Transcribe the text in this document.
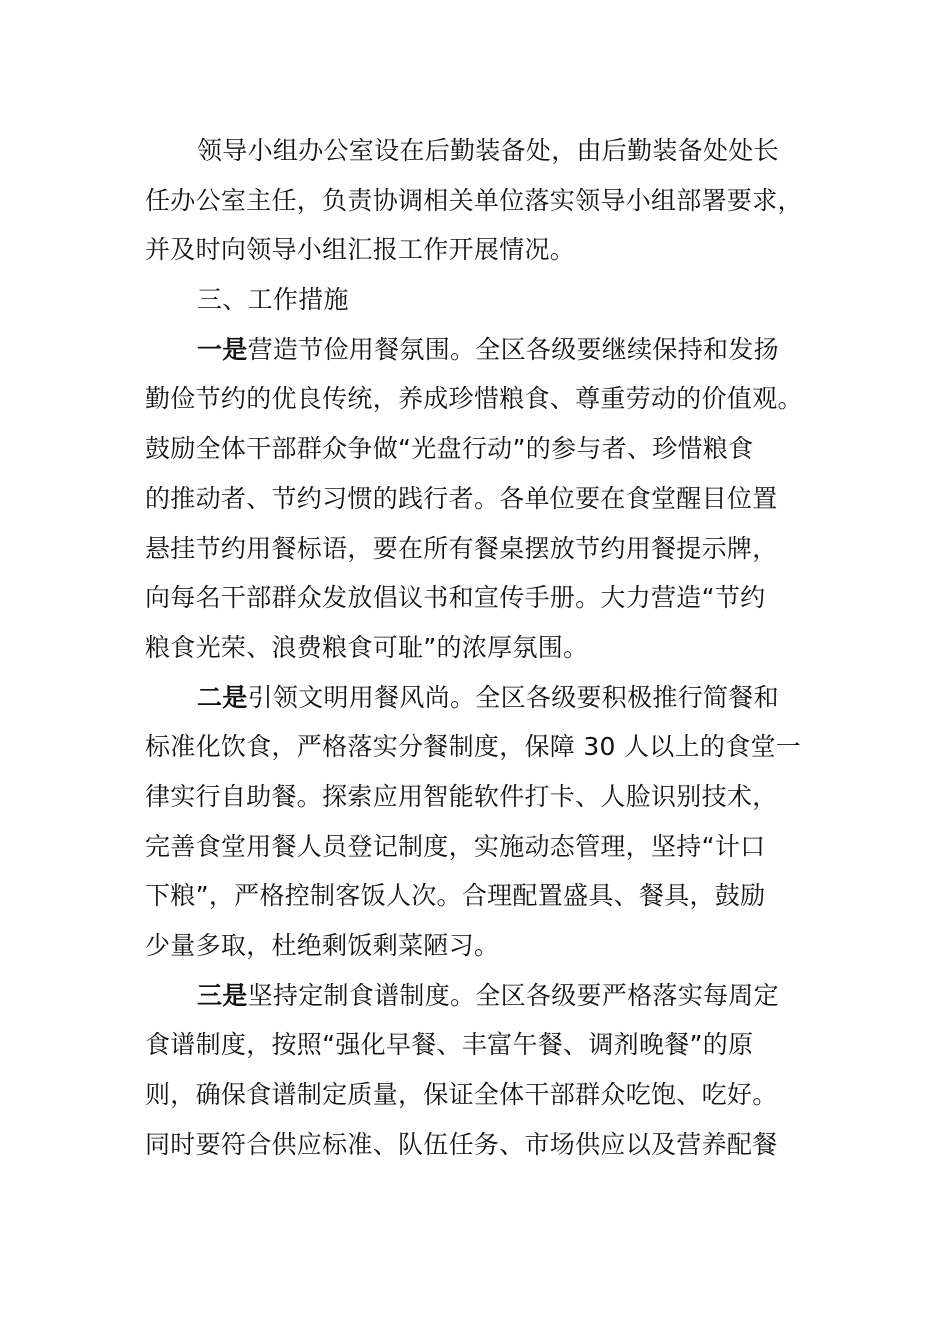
领导小组办公室设在后勤装备处，由后勤装备处处长
任办公室主任，负责协调相关单位落实领导小组部署要求，
并及时向领导小组汇报工作开展情况。
三、工作措施
一是营造节俭用餐氛围。全区各级要继续保持和发扬
勤俭节约的优良传统，养成珍惜粮食、尊重劳动的价值观。
鼓励全体干部群众争做“光盘行动”的参与者、珍惜粮食
的推动者、节约习惯的践行者。各单位要在食堂醒目位置
悬挂节约用餐标语，要在所有餐桌摆放节约用餐提示牌，
向每名干部群众发放倡议书和宣传手册。大力营造“节约
粮食光荣、浪费粮食可耻”的浓厚氛围。
二是引领文明用餐风尚。全区各级要积极推行简餐和
标准化饮食，严格落实分餐制度，保障 30 人以上的食堂一
律实行自助餐。探索应用智能软件打卡、人脸识别技术，
完善食堂用餐人员登记制度，实施动态管理，坚持“计口
下粮”，严格控制客饭人次。合理配置盛具、餐具，鼓励
少量多取，杜绝剩饭剩菜陋习。
三是坚持定制食谱制度。全区各级要严格落实每周定
食谱制度，按照“强化早餐、丰富午餐、调剂晚餐”的原
则，确保食谱制定质量，保证全体干部群众吃饱、吃好。
同时要符合供应标准、队伍任务、市场供应以及营养配餐
